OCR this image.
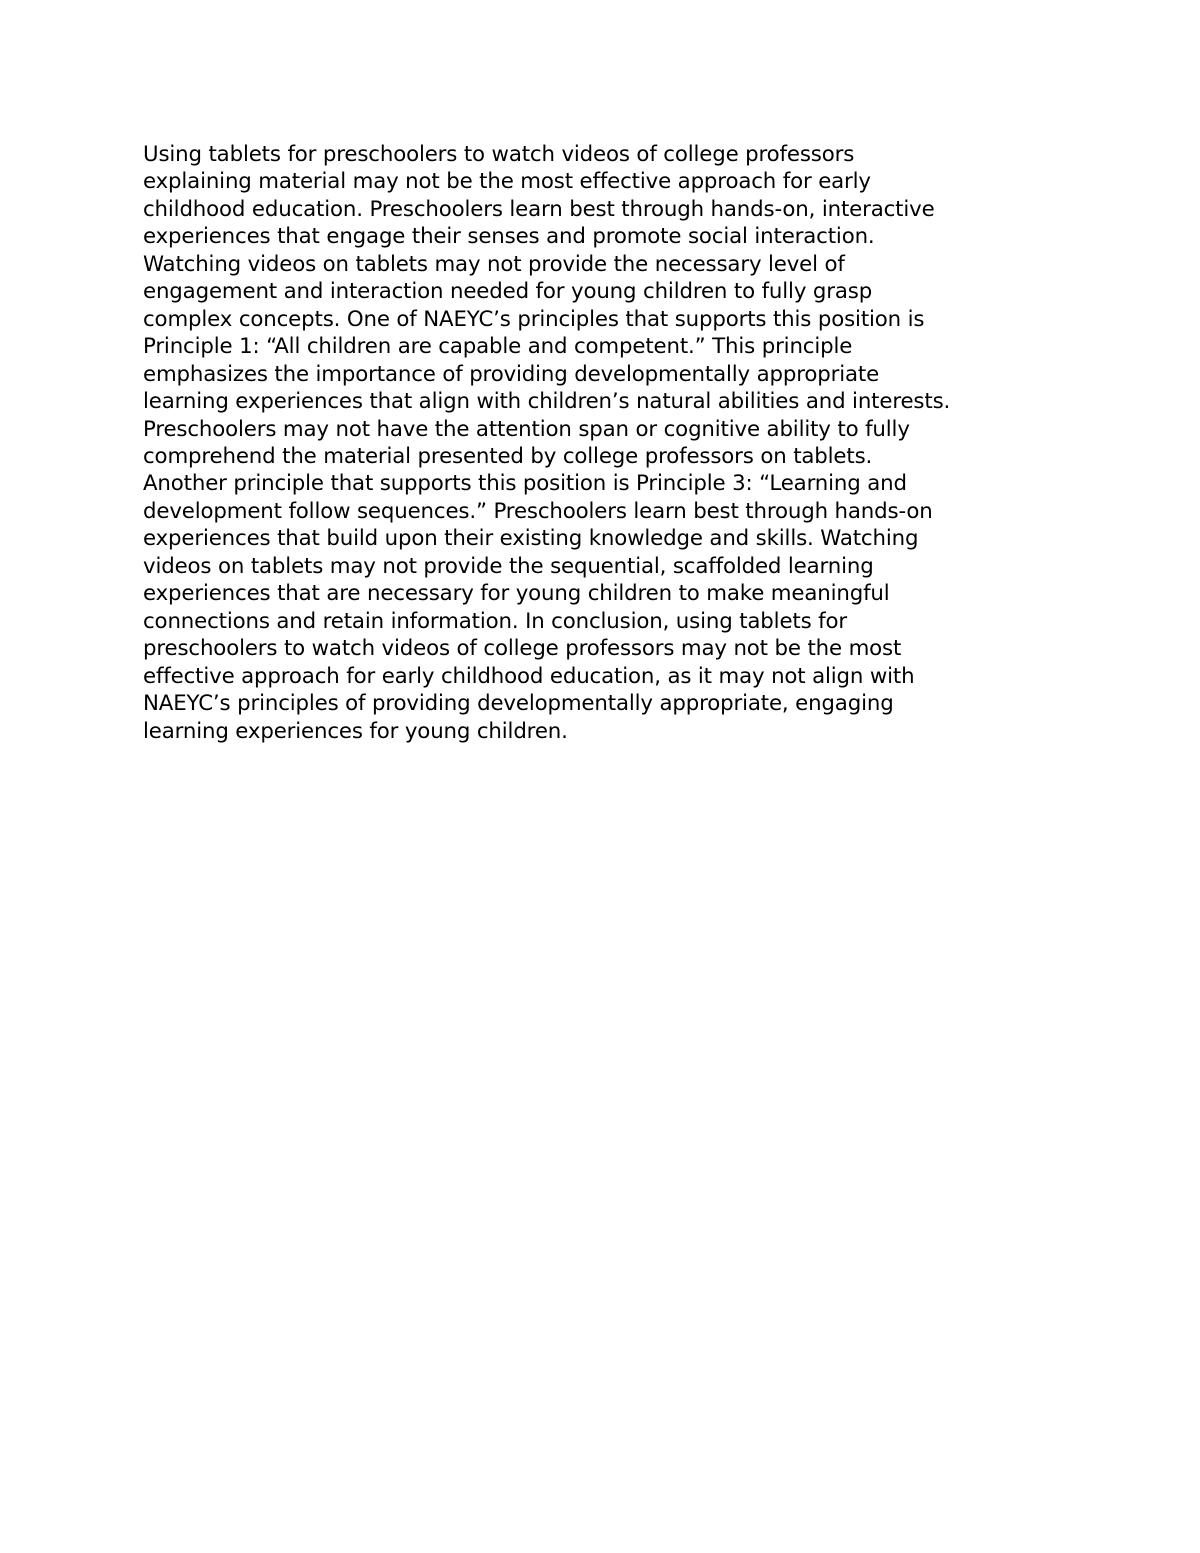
Using tablets for preschoolers to watch videos of college professors
explaining material may not be the most effective approach for early
childhood education. Preschoolers learn best through hands-on, interactive
experiences that engage their senses and promote social interaction.
Watching videos on tablets may not provide the necessary level of
engagement and interaction needed for young children to fully grasp
complex concepts. One of NAEYC’s principles that supports this position is
Principle 1: “All children are capable and competent.” This principle
emphasizes the importance of providing developmentally appropriate
learning experiences that align with children’s natural abilities and interests.
Preschoolers may not have the attention span or cognitive ability to fully
comprehend the material presented by college professors on tablets.
Another principle that supports this position is Principle 3: “Learning and
development follow sequences.” Preschoolers learn best through hands-on
experiences that build upon their existing knowledge and skills. Watching
videos on tablets may not provide the sequential, scaffolded learning
experiences that are necessary for young children to make meaningful
connections and retain information. In conclusion, using tablets for
preschoolers to watch videos of college professors may not be the most
effective approach for early childhood education, as it may not align with
NAEYC’s principles of providing developmentally appropriate, engaging
learning experiences for young children.
